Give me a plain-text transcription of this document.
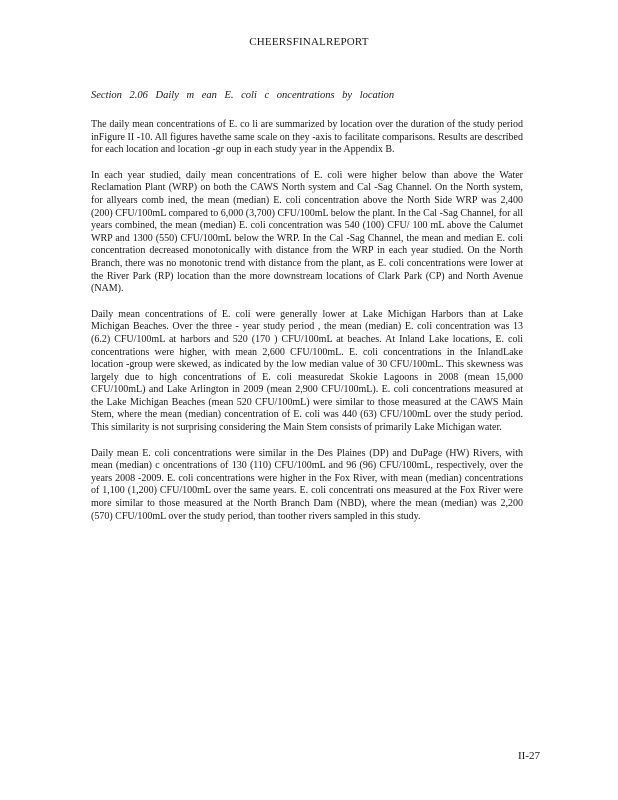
CHEERSFINALREPORT
Section 2.06 Daily m ean E. coli c oncentrations by location

The daily mean concentrations of E. co li are summarized by location over the duration of the study period inFigure II -10. All figures havethe same scale on they -axis to facilitate comparisons. Results are described for each location and location -gr oup in each study year in the Appendix B.

In each year studied, daily mean concentrations of E. coli were higher below than above the Water Reclamation Plant (WRP) on both the CAWS North system and Cal -Sag Channel. On the North system, for allyears comb ined, the mean (median) E. coli concentration above the North Side WRP was 2,400 (200) CFU/100mL compared to 6,000 (3,700) CFU/100mL below the plant. In the Cal -Sag Channel, for all years combined, the mean (median) E. coli concentration was 540 (100) CFU/ 100 mL above the Calumet WRP and 1300 (550) CFU/100mL below the WRP. In the Cal -Sag Channel, the mean and median E. coli concentration decreased monotonically with distance from the WRP in each year studied. On the North Branch, there was no monotonic trend with distance from the plant, as E. coli concentrations were lower at the River Park (RP) location than the more downstream locations of Clark Park (CP) and North Avenue (NAM).

Daily mean concentrations of E. coli were generally lower at Lake Michigan Harbors than at Lake Michigan Beaches. Over the three - year study period , the mean (median) E. coli concentration was 13 (6.2) CFU/100mL at harbors and 520 (170 ) CFU/100mL at beaches. At Inland Lake locations, E. coli concentrations were higher, with mean 2,600 CFU/100mL. E. coli concentrations in the InlandLake location -group were skewed, as indicated by the low median value of 30 CFU/100mL. This skewness was largely due to high concentrations of E. coli measuredat Skokie Lagoons in 2008 (mean 15,000 CFU/100mL) and Lake Arlington in 2009 (mean 2,900 CFU/100mL). E. coli concentrations measured at the Lake Michigan Beaches (mean 520 CFU/100mL) were similar to those measured at the CAWS Main Stem, where the mean (median) concentration of E. coli was 440 (63) CFU/100mL over the study period. This similarity is not surprising considering the Main Stem consists of primarily Lake Michigan water.

Daily mean E. coli concentrations were similar in the Des Plaines (DP) and DuPage (HW) Rivers, with mean (median) c oncentrations of 130 (110) CFU/100mL and 96 (96) CFU/100mL, respectively, over the years 2008 -2009. E. coli concentrations were higher in the Fox River, with mean (median) concentrations of 1,100 (1,200) CFU/100mL over the same years. E. coli concentrati ons measured at the Fox River were more similar to those measured at the North Branch Dam (NBD), where the mean (median) was 2,200 (570) CFU/100mL over the study period, than toother rivers sampled in this study.

II-27
